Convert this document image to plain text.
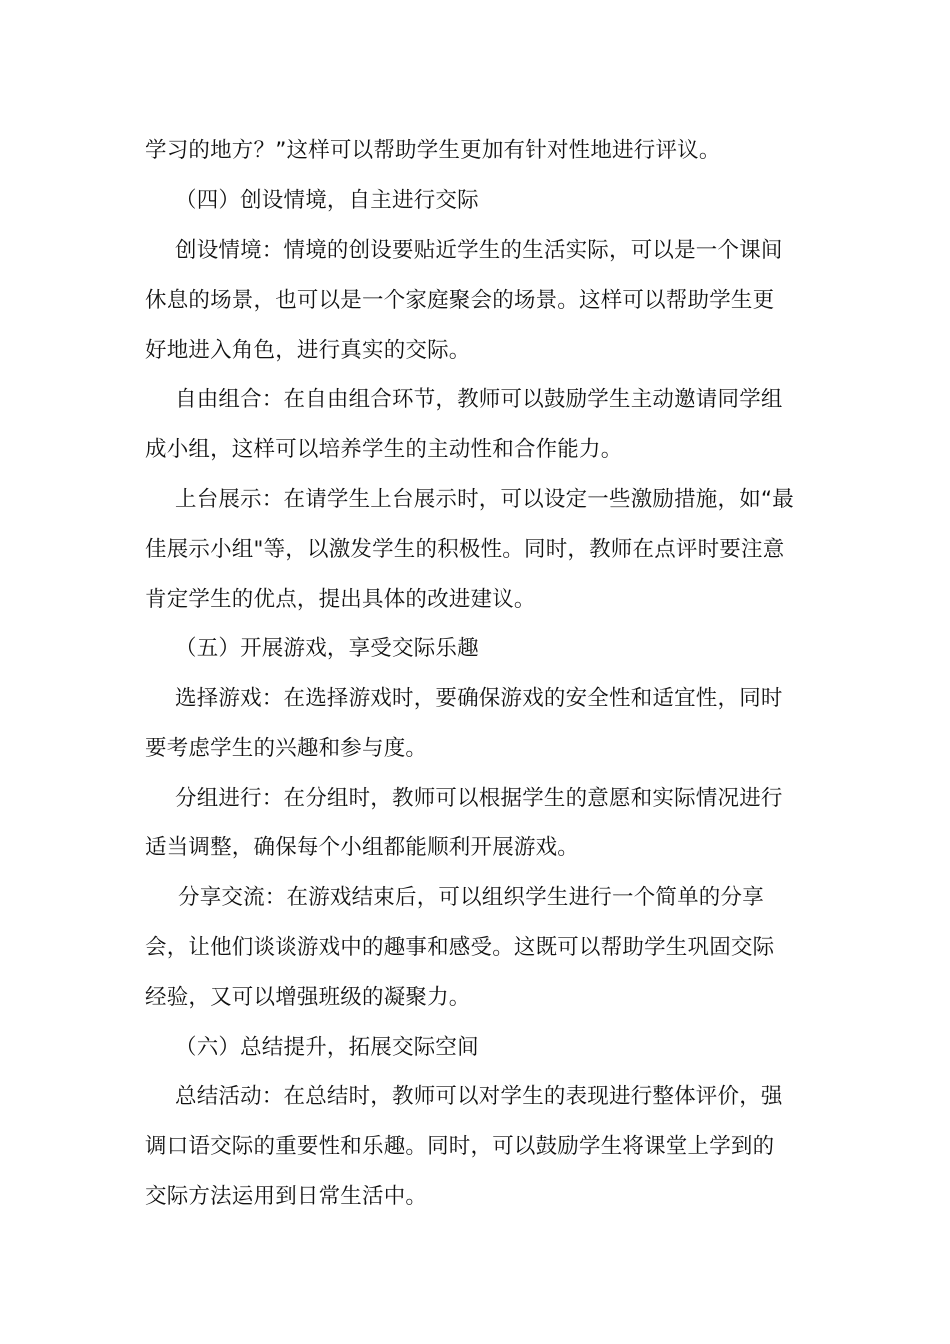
学习的地方？”这样可以帮助学生更加有针对性地进行评议。
（四）创设情境，自主进行交际
创设情境：情境的创设要贴近学生的生活实际，可以是一个课间
休息的场景，也可以是一个家庭聚会的场景。这样可以帮助学生更
好地进入角色，进行真实的交际。
自由组合：在自由组合环节，教师可以鼓励学生主动邀请同学组
成小组，这样可以培养学生的主动性和合作能力。
上台展示：在请学生上台展示时，可以设定一些激励措施，如“最
佳展示小组"等，以激发学生的积极性。同时，教师在点评时要注意
肯定学生的优点，提出具体的改进建议。
（五）开展游戏，享受交际乐趣
选择游戏：在选择游戏时，要确保游戏的安全性和适宜性，同时
要考虑学生的兴趣和参与度。
分组进行：在分组时，教师可以根据学生的意愿和实际情况进行
适当调整，确保每个小组都能顺利开展游戏。
分享交流：在游戏结束后，可以组织学生进行一个简单的分享
会，让他们谈谈游戏中的趣事和感受。这既可以帮助学生巩固交际
经验，又可以增强班级的凝聚力。
（六）总结提升，拓展交际空间
总结活动：在总结时，教师可以对学生的表现进行整体评价，强
调口语交际的重要性和乐趣。同时，可以鼓励学生将课堂上学到的
交际方法运用到日常生活中。
